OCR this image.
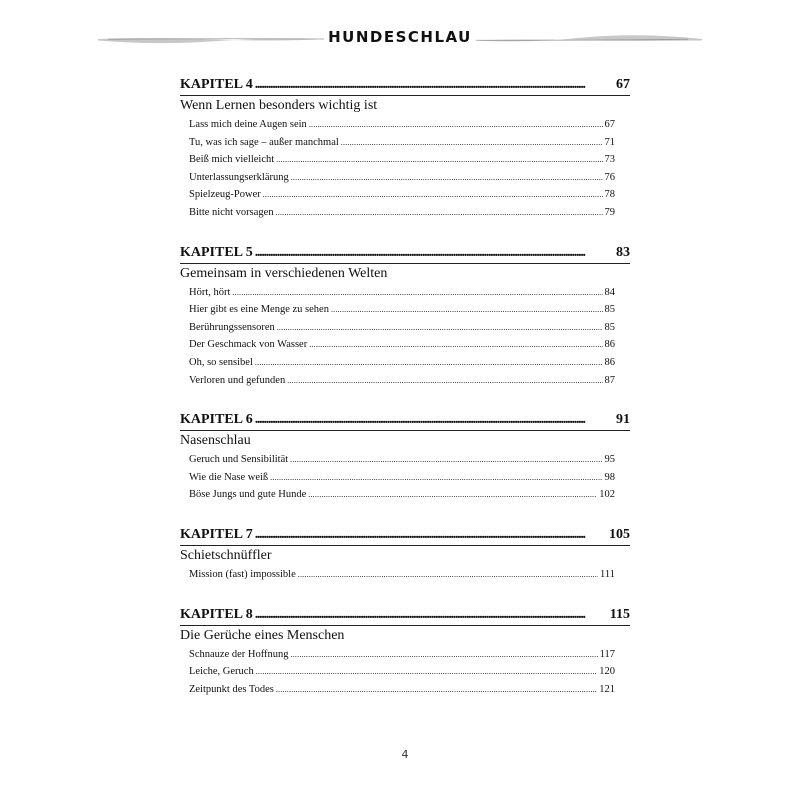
HUNDESCHLAU
KAPITEL 4 . . .	67
Wenn Lernen besonders wichtig ist
Lass mich deine Augen sein .....	67
Tu, was ich sage – außer manchmal .....	71
Beiß mich vielleicht .....	73
Unterlassungserklärung .....	76
Spielzeug-Power .....	78
Bitte nicht vorsagen .....	79
KAPITEL 5 . . .	83
Gemeinsam in verschiedenen Welten
Hört, hört .....	84
Hier gibt es eine Menge zu sehen .....	85
Berührungssensoren .....	85
Der Geschmack von Wasser .....	86
Oh, so sensibel .....	86
Verloren und gefunden .....	87
KAPITEL 6 . . .	91
Nasenschlau
Geruch und Sensibilität .....	95
Wie die Nase weiß .....	98
Böse Jungs und gute Hunde .....	102
KAPITEL 7 . . .	105
Schietschnüffler
Mission (fast) impossible .....	111
KAPITEL 8 . . .	115
Die Gerüche eines Menschen
Schnauze der Hoffnung .....	117
Leiche, Geruch .....	120
Zeitpunkt des Todes .....	121
4
